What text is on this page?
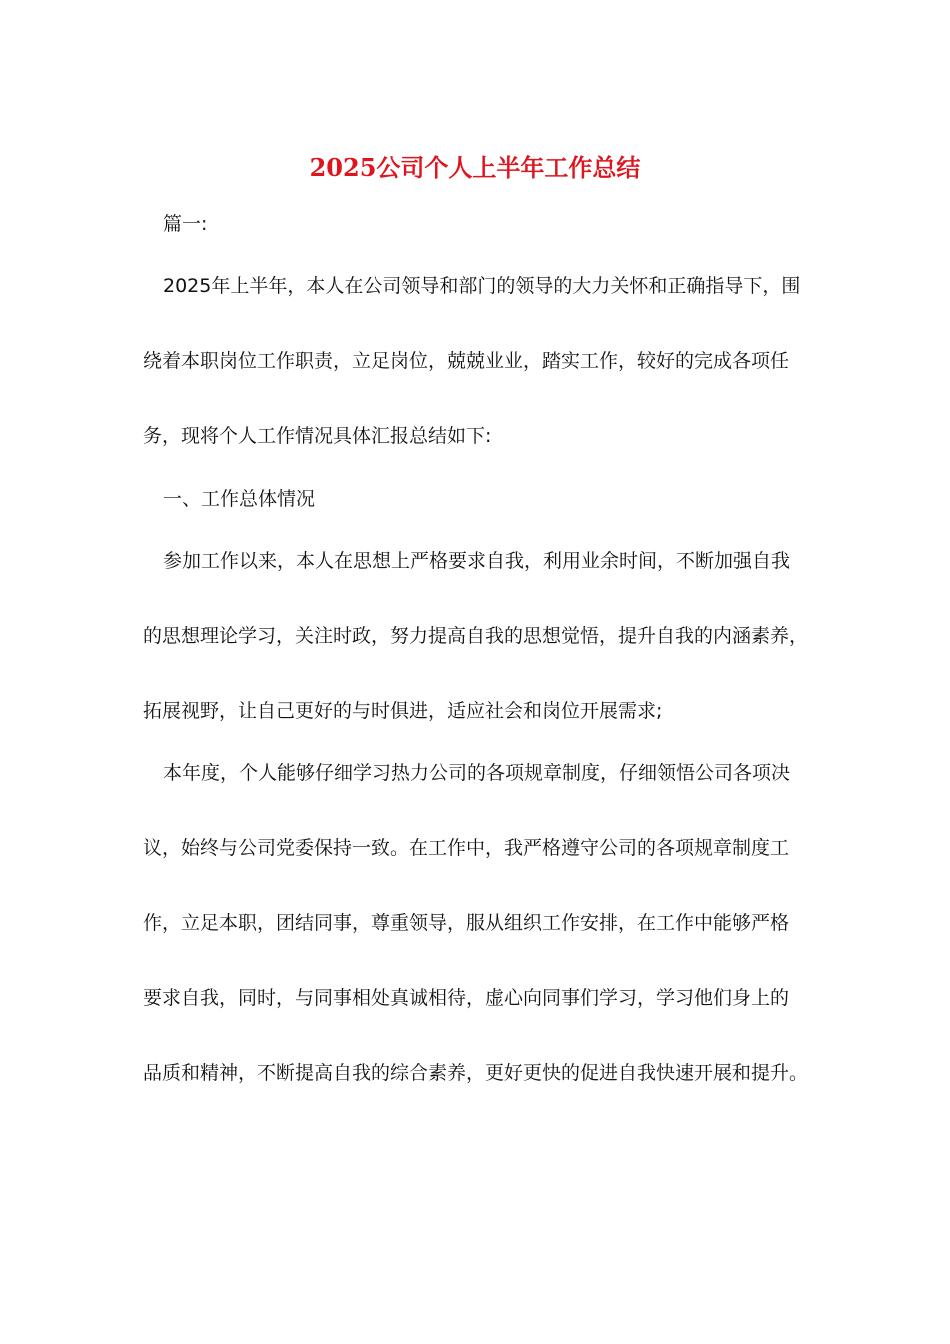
2025公司个人上半年工作总结
篇一:
2025年上半年，本人在公司领导和部门的领导的大力关怀和正确指导下，围
绕着本职岗位工作职责，立足岗位，兢兢业业，踏实工作，较好的完成各项任
务，现将个人工作情况具体汇报总结如下:
一、工作总体情况
参加工作以来，本人在思想上严格要求自我，利用业余时间，不断加强自我
的思想理论学习，关注时政，努力提高自我的思想觉悟，提升自我的内涵素养，
拓展视野，让自己更好的与时俱进，适应社会和岗位开展需求;
本年度，个人能够仔细学习热力公司的各项规章制度，仔细领悟公司各项决
议，始终与公司党委保持一致。在工作中，我严格遵守公司的各项规章制度工
作，立足本职，团结同事，尊重领导，服从组织工作安排，在工作中能够严格
要求自我，同时，与同事相处真诚相待，虚心向同事们学习，学习他们身上的
品质和精神，不断提高自我的综合素养，更好更快的促进自我快速开展和提升。
